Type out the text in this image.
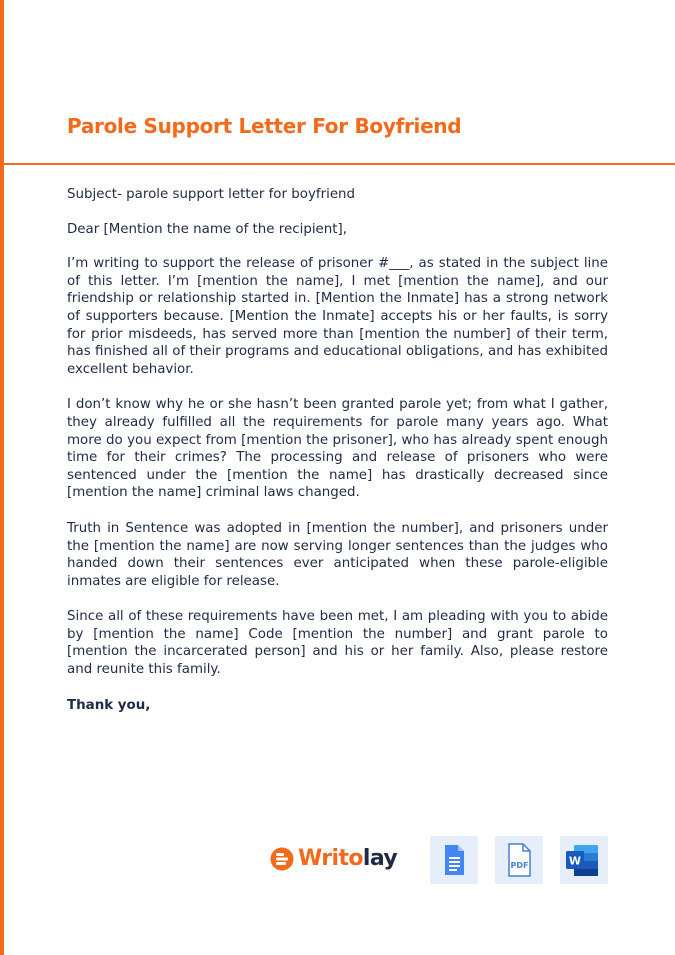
Parole Support Letter For Boyfriend

Subject- parole support letter for boyfriend

Dear [Mention the name of the recipient],

I’m writing to support the release of prisoner #___, as stated in the subject line of this letter. I’m [mention the name], I met [mention the name], and our friendship or relationship started in. [Mention the Inmate] has a strong network of supporters because. [Mention the Inmate] accepts his or her faults, is sorry for prior misdeeds, has served more than [mention the number] of their term, has finished all of their programs and educational obligations, and has exhibited excellent behavior.

I don’t know why he or she hasn’t been granted parole yet; from what I gather, they already fulfilled all the requirements for parole many years ago. What more do you expect from [mention the prisoner], who has already spent enough time for their crimes? The processing and release of prisoners who were sentenced under the [mention the name] has drastically decreased since [mention the name] criminal laws changed.

Truth in Sentence was adopted in [mention the number], and prisoners under the [mention the name] are now serving longer sentences than the judges who handed down their sentences ever anticipated when these parole-eligible inmates are eligible for release.

Since all of these requirements have been met, I am pleading with you to abide by [mention the name] Code [mention the number] and grant parole to [mention the incarcerated person] and his or her family. Also, please restore and reunite this family.

Thank you,

Writolay	PDF	W
